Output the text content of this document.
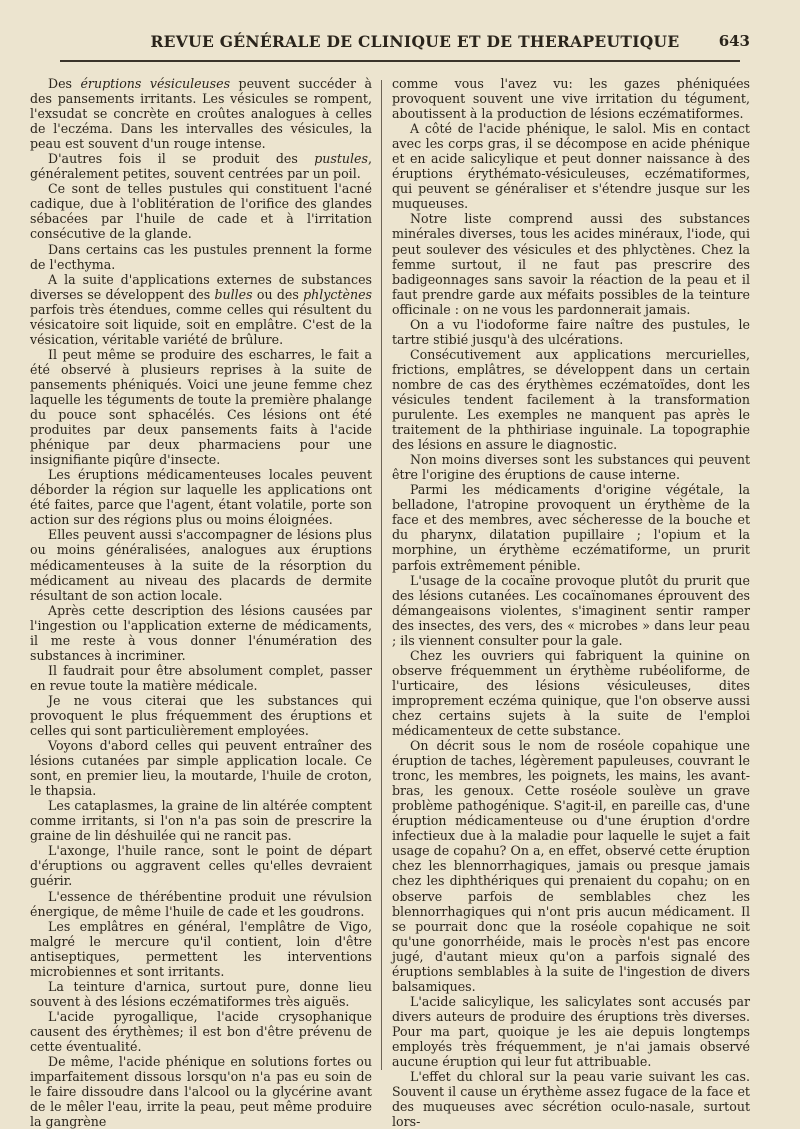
REVUE GÉNÉRALE DE CLINIQUE ET DE THERAPEUTIQUE	643

Des éruptions vésiculeuses peuvent succéder à des pansements irritants. Les vésicules se rompent, l'exsudat se concrète en croûtes analogues à celles de l'eczéma. Dans les intervalles des vésicules, la peau est souvent d'un rouge intense.

D'autres fois il se produit des pustules, généralement petites, souvent centrées par un poil.

Ce sont de telles pustules qui constituent l'acné cadique, due à l'oblitération de l'orifice des glandes sébacées par l'huile de cade et à l'irritation consécutive de la glande.

Dans certains cas les pustules prennent la forme de l'ecthyma.

A la suite d'applications externes de substances diverses se développent des bulles ou des phlyctènes parfois très étendues, comme celles qui résultent du vésicatoire soit liquide, soit en emplâtre. C'est de la vésication, véritable variété de brûlure.

Il peut même se produire des escharres, le fait a été observé à plusieurs reprises à la suite de pansements phéniqués. Voici une jeune femme chez laquelle les téguments de toute la première phalange du pouce sont sphacélés. Ces lésions ont été produites par deux pansements faits à l'acide phénique par deux pharmaciens pour une insignifiante piqûre d'insecte.

Les éruptions médicamenteuses locales peuvent déborder la région sur laquelle les applications ont été faites, parce que l'agent, étant volatile, porte son action sur des régions plus ou moins éloignées.

Elles peuvent aussi s'accompagner de lésions plus ou moins généralisées, analogues aux éruptions médicamenteuses à la suite de la résorption du médicament au niveau des placards de dermite résultant de son action locale.

Après cette description des lésions causées par l'ingestion ou l'application externe de médicaments, il me reste à vous donner l'énumération des substances à incriminer.

Il faudrait pour être absolument complet, passer en revue toute la matière médicale.

Je ne vous citerai que les substances qui provoquent le plus fréquemment des éruptions et celles qui sont particulièrement employées.

Voyons d'abord celles qui peuvent entraîner des lésions cutanées par simple application locale. Ce sont, en premier lieu, la moutarde, l'huile de croton, le thapsia.

Les cataplasmes, la graine de lin altérée comptent comme irritants, si l'on n'a pas soin de prescrire la graine de lin déshuilée qui ne rancit pas.

L'axonge, l'huile rance, sont le point de départ d'éruptions ou aggravent celles qu'elles devraient guérir.

L'essence de thérébentine produit une révulsion énergique, de même l'huile de cade et les goudrons.

Les emplâtres en général, l'emplâtre de Vigo, malgré le mercure qu'il contient, loin d'être antiseptiques, permettent les interventions microbiennes et sont irritants.

La teinture d'arnica, surtout pure, donne lieu souvent à des lésions eczématiformes très aiguës.

L'acide pyrogallique, l'acide crysophanique causent des érythèmes; il est bon d'être prévenu de cette éventualité.

De même, l'acide phénique en solutions fortes ou imparfaitement dissous lorsqu'on n'a pas eu soin de le faire dissoudre dans l'alcool ou la glycérine avant de le mêler l'eau, irrite la peau, peut même produire la gangrène

comme vous l'avez vu: les gazes phéniquées provoquent souvent une vive irritation du tégument, aboutissent à la production de lésions eczématiformes.

A côté de l'acide phénique, le salol. Mis en contact avec les corps gras, il se décompose en acide phénique et en acide salicylique et peut donner naissance à des éruptions érythémato-vésiculeuses, eczématiformes, qui peuvent se généraliser et s'étendre jusque sur les muqueuses.

Notre liste comprend aussi des substances minérales diverses, tous les acides minéraux, l'iode, qui peut soulever des vésicules et des phlyctènes. Chez la femme surtout, il ne faut pas prescrire des badigeonnages sans savoir la réaction de la peau et il faut prendre garde aux méfaits possibles de la teinture officinale : on ne vous les pardonnerait jamais.

On a vu l'iodoforme faire naître des pustules, le tartre stibié jusqu'à des ulcérations.

Consécutivement aux applications mercurielles, frictions, emplâtres, se développent dans un certain nombre de cas des érythèmes eczématoïdes, dont les vésicules tendent facilement à la transformation purulente. Les exemples ne manquent pas après le traitement de la phthiriase inguinale. La topographie des lésions en assure le diagnostic.

Non moins diverses sont les substances qui peuvent être l'origine des éruptions de cause interne.

Parmi les médicaments d'origine végétale, la belladone, l'atropine provoquent un érythème de la face et des membres, avec sécheresse de la bouche et du pharynx, dilatation pupillaire ; l'opium et la morphine, un érythème eczématiforme, un prurit parfois extrêmement pénible.

L'usage de la cocaïne provoque plutôt du prurit que des lésions cutanées. Les cocaïnomanes éprouvent des démangeaisons violentes, s'imaginent sentir ramper des insectes, des vers, des « microbes » dans leur peau ; ils viennent consulter pour la gale.

Chez les ouvriers qui fabriquent la quinine on observe fréquemment un érythème rubéoliforme, de l'urticaire, des lésions vésiculeuses, dites improprement eczéma quinique, que l'on observe aussi chez certains sujets à la suite de l'emploi médicamenteux de cette substance.

On décrit sous le nom de roséole copahique une éruption de taches, légèrement papuleuses, couvrant le tronc, les membres, les poignets, les mains, les avant-bras, les genoux. Cette roséole soulève un grave problème pathogénique. S'agit-il, en pareille cas, d'une éruption médicamenteuse ou d'une éruption d'ordre infectieux due à la maladie pour laquelle le sujet a fait usage de copahu? On a, en effet, observé cette éruption chez les blennorrhagiques, jamais ou presque jamais chez les diphthériques qui prenaient du copahu; on en observe parfois de semblables chez les blennorrhagiques qui n'ont pris aucun médicament. Il se pourrait donc que la roséole copahique ne soit qu'une gonorrhéide, mais le procès n'est pas encore jugé, d'autant mieux qu'on a parfois signalé des éruptions semblables à la suite de l'ingestion de divers balsamiques.

L'acide salicylique, les salicylates sont accusés par divers auteurs de produire des éruptions très diverses. Pour ma part, quoique je les aie depuis longtemps employés très fréquemment, je n'ai jamais observé aucune éruption qui leur fut attribuable.

L'effet du chloral sur la peau varie suivant les cas. Souvent il cause un érythème assez fugace de la face et des muqueuses avec sécrétion oculo-nasale, surtout lors-
